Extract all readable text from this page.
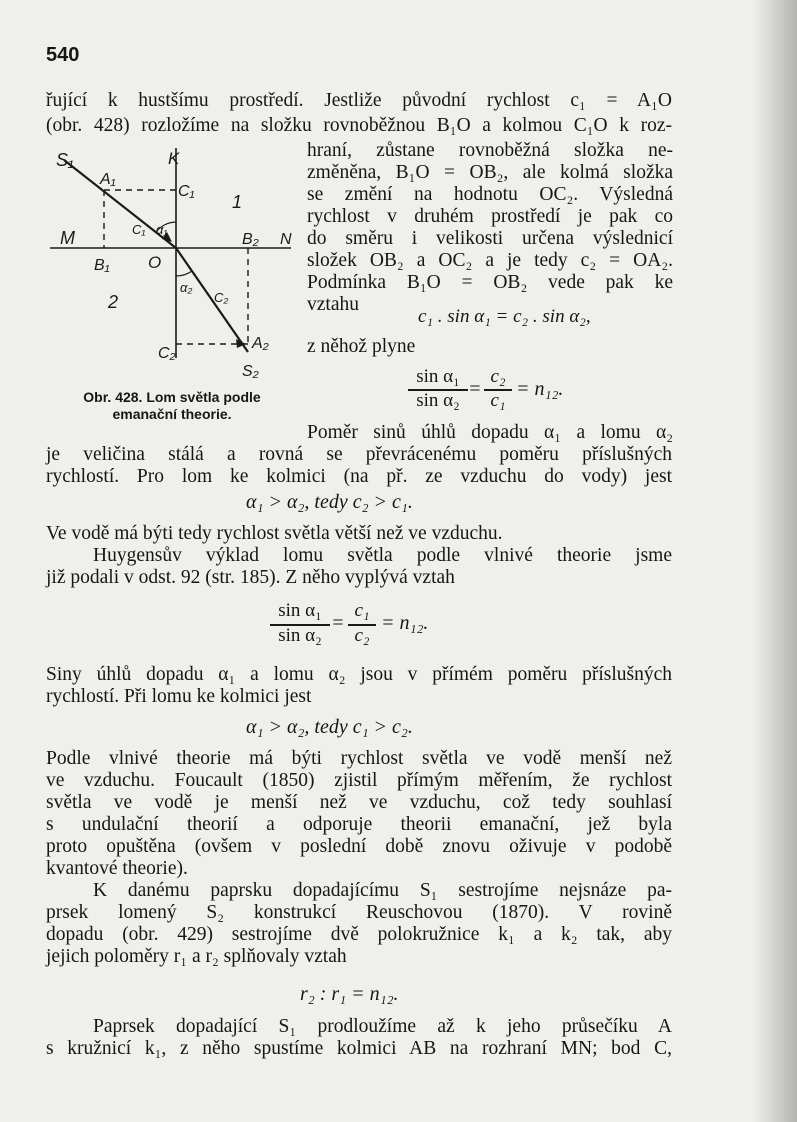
540
řující k hustšímu prostředí. Jestliže původní rychlost c₁ = A₁O
(obr. 428) rozložíme na složku rovnoběžnou B₁O a kolmou C₁O k roz-
hraní, zůstane rovnoběžná složka ne-
změněna, B₁O = OB₂, ale kolmá složka
se změní na hodnotu OC₂. Výsledná
rychlost v druhém prostředí je pak co
do směru i velikosti určena výslednicí
složek OB₂ a OC₂ a je tedy c₂ = OA₂.
Podmínka B₁O = OB₂ vede pak ke
vztahu
c₁ . sin α₁ = c₂ . sin α₂,
z něhož plyne
sin α₁
sin α₂
=
c₂
c₁
= n₁₂.
S₁	K
A₁
C₁
C₁ α₁
1
M
B₁ O
B₂ N
2
α₂
C₂
C₂
A₂
S₂
Obr. 428. Lom světla podle
emanační theorie.
Poměr sinů úhlů dopadu α₁ a lomu α₂
je veličina stálá a rovná se převrácenému poměru příslušných
rychlostí. Pro lom ke kolmici (na př. ze vzduchu do vody) jest
α₁ > α₂, tedy c₂ > c₁.
Ve vodě má býti tedy rychlost světla větší než ve vzduchu.
Huygensův výklad lomu světla podle vlnivé theorie jsme
již podali v odst. 92 (str. 185). Z něho vyplývá vztah
sin α₁
sin α₂
=
c₁
c₂
= n₁₂.
Siny úhlů dopadu α₁ a lomu α₂ jsou v přímém poměru příslušných
rychlostí. Při lomu ke kolmici jest
α₁ > α₂, tedy c₁ > c₂.
Podle vlnivé theorie má býti rychlost světla ve vodě menší než
ve vzduchu. Foucault (1850) zjistil přímým měřením, že rychlost
světla ve vodě je menší než ve vzduchu, což tedy souhlasí
s undulační theorií a odporuje theorii emanační, jež byla
proto opuštěna (ovšem v poslední době znovu oživuje v podobě
kvantové theorie).
K danému paprsku dopadajícímu S₁ sestrojíme nejsnáze pa-
prsek lomený S₂ konstrukcí Reuschovou (1870). V rovině
dopadu (obr. 429) sestrojíme dvě polokružnice k₁ a k₂ tak, aby
jejich poloměry r₁ a r₂ splňovaly vztah
r₂ : r₁ = n₁₂.
Paprsek dopadající S₁ prodloužíme až k jeho průsečíku A
s kružnicí k₁, z něho spustíme kolmici AB na rozhraní MN; bod C,
